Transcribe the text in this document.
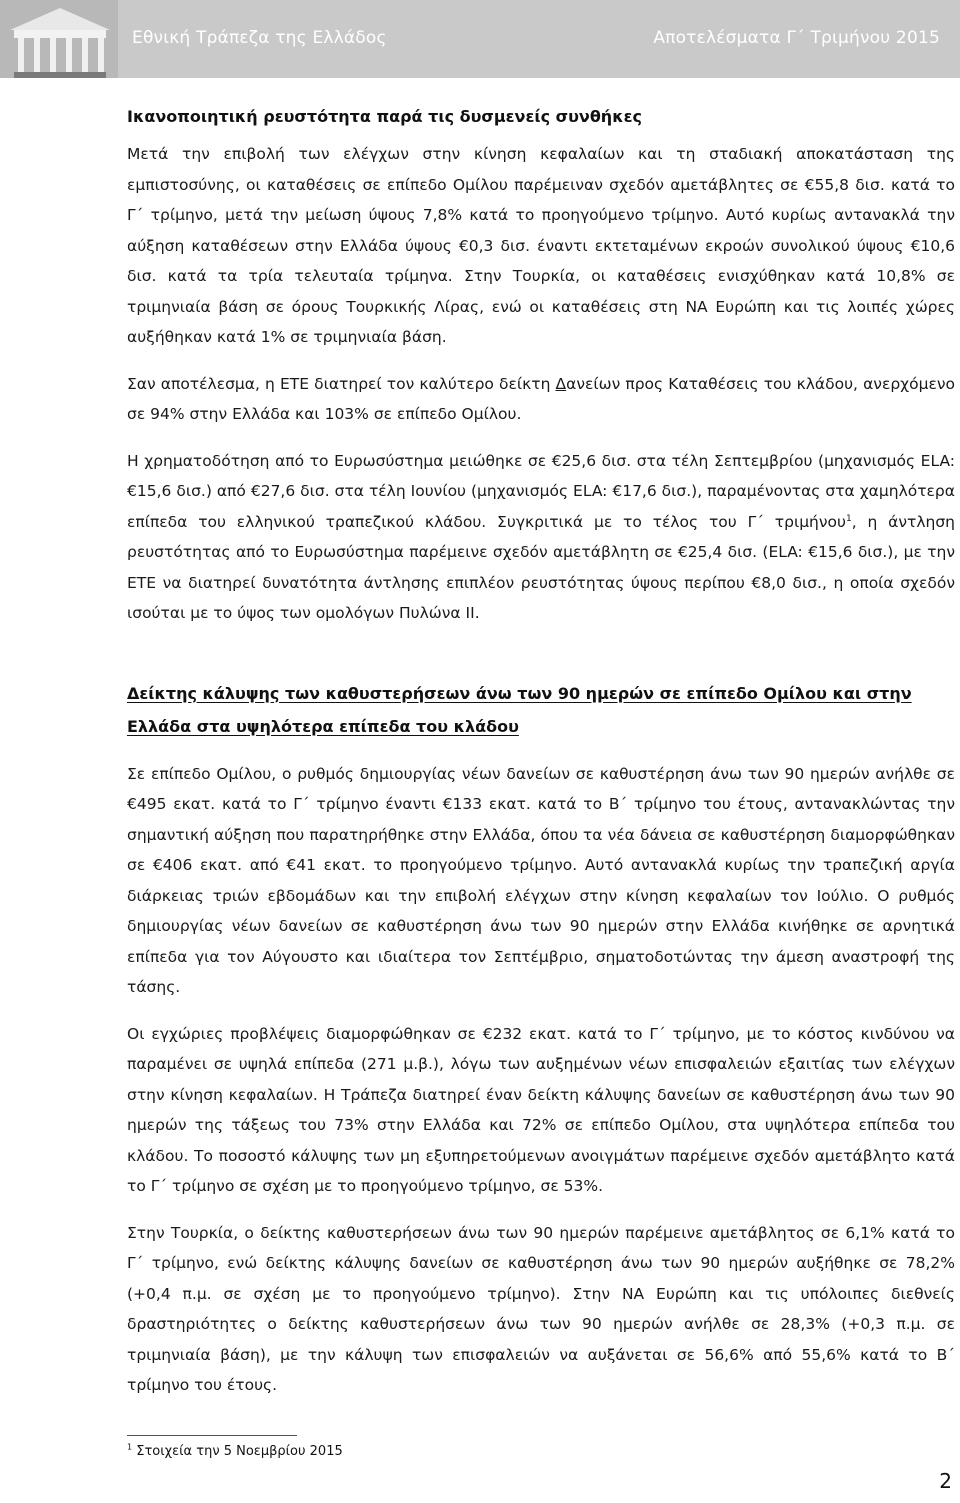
Εθνική Τράπεζα της Ελλάδος	Αποτελέσματα Γ΄ Τριμήνου 2015
Ικανοποιητική ρευστότητα παρά τις δυσμενείς συνθήκες

Μετά την επιβολή των ελέγχων στην κίνηση κεφαλαίων και τη σταδιακή αποκατάσταση της εμπιστοσύνης, οι καταθέσεις σε επίπεδο Ομίλου παρέμειναν σχεδόν αμετάβλητες σε €55,8 δισ. κατά το Γ΄ τρίμηνο, μετά την μείωση ύψους 7,8% κατά το προηγούμενο τρίμηνο. Αυτό κυρίως αντανακλά την αύξηση καταθέσεων στην Ελλάδα ύψους €0,3 δισ. έναντι εκτεταμένων εκροών συνολικού ύψους €10,6 δισ. κατά τα τρία τελευταία τρίμηνα. Στην Τουρκία, οι καταθέσεις ενισχύθηκαν κατά 10,8% σε τριμηνιαία βάση σε όρους Τουρκικής Λίρας, ενώ οι καταθέσεις στη ΝΑ Ευρώπη και τις λοιπές χώρες αυξήθηκαν κατά 1% σε τριμηνιαία βάση.

Σαν αποτέλεσμα, η ΕΤΕ διατηρεί τον καλύτερο δείκτη Δανείων προς Καταθέσεις του κλάδου, ανερχόμενο σε 94% στην Ελλάδα και 103% σε επίπεδο Ομίλου.

Η χρηματοδότηση από το Ευρωσύστημα μειώθηκε σε €25,6 δισ. στα τέλη Σεπτεμβρίου (μηχανισμός ELA: €15,6 δισ.) από €27,6 δισ. στα τέλη Ιουνίου (μηχανισμός ELA: €17,6 δισ.), παραμένοντας στα χαμηλότερα επίπεδα του ελληνικού τραπεζικού κλάδου. Συγκριτικά με το τέλος του Γ΄ τριμήνου$^1$, η άντληση ρευστότητας από το Ευρωσύστημα παρέμεινε σχεδόν αμετάβλητη σε €25,4 δισ. (ELA: €15,6 δισ.), με την ΕΤΕ να διατηρεί δυνατότητα άντλησης επιπλέον ρευστότητας ύψους περίπου €8,0 δισ., η οποία σχεδόν ισούται με το ύψος των ομολόγων Πυλώνα ΙΙ.

Δείκτης κάλυψης των καθυστερήσεων άνω των 90 ημερών σε επίπεδο Ομίλου και στην Ελλάδα στα υψηλότερα επίπεδα του κλάδου

Σε επίπεδο Ομίλου, ο ρυθμός δημιουργίας νέων δανείων σε καθυστέρηση άνω των 90 ημερών ανήλθε σε €495 εκατ. κατά το Γ΄ τρίμηνο έναντι €133 εκατ. κατά το Β΄ τρίμηνο του έτους, αντανακλώντας την σημαντική αύξηση που παρατηρήθηκε στην Ελλάδα, όπου τα νέα δάνεια σε καθυστέρηση διαμορφώθηκαν σε €406 εκατ. από €41 εκατ. το προηγούμενο τρίμηνο. Αυτό αντανακλά κυρίως την τραπεζική αργία διάρκειας τριών εβδομάδων και την επιβολή ελέγχων στην κίνηση κεφαλαίων τον Ιούλιο. Ο ρυθμός δημιουργίας νέων δανείων σε καθυστέρηση άνω των 90 ημερών στην Ελλάδα κινήθηκε σε αρνητικά επίπεδα για τον Αύγουστο και ιδιαίτερα τον Σεπτέμβριο, σηματοδοτώντας την άμεση αναστροφή της τάσης.

Οι εγχώριες προβλέψεις διαμορφώθηκαν σε €232 εκατ. κατά το Γ΄ τρίμηνο, με το κόστος κινδύνου να παραμένει σε υψηλά επίπεδα (271 μ.β.), λόγω των αυξημένων νέων επισφαλειών εξαιτίας των ελέγχων στην κίνηση κεφαλαίων. Η Τράπεζα διατηρεί έναν δείκτη κάλυψης δανείων σε καθυστέρηση άνω των 90 ημερών της τάξεως του 73% στην Ελλάδα και 72% σε επίπεδο Ομίλου, στα υψηλότερα επίπεδα του κλάδου. Το ποσοστό κάλυψης των μη εξυπηρετούμενων ανοιγμάτων παρέμεινε σχεδόν αμετάβλητο κατά το Γ΄ τρίμηνο σε σχέση με το προηγούμενο τρίμηνο, σε 53%.

Στην Τουρκία, ο δείκτης καθυστερήσεων άνω των 90 ημερών παρέμεινε αμετάβλητος σε 6,1% κατά το Γ΄ τρίμηνο, ενώ δείκτης κάλυψης δανείων σε καθυστέρηση άνω των 90 ημερών αυξήθηκε σε 78,2% (+0,4 π.μ. σε σχέση με το προηγούμενο τρίμηνο). Στην ΝΑ Ευρώπη και τις υπόλοιπες διεθνείς δραστηριότητες ο δείκτης καθυστερήσεων άνω των 90 ημερών ανήλθε σε 28,3% (+0,3 π.μ. σε τριμηνιαία βάση), με την κάλυψη των επισφαλειών να αυξάνεται σε 56,6% από 55,6% κατά το Β΄ τρίμηνο του έτους.

$^1$ Στοιχεία την 5 Νοεμβρίου 2015
2
